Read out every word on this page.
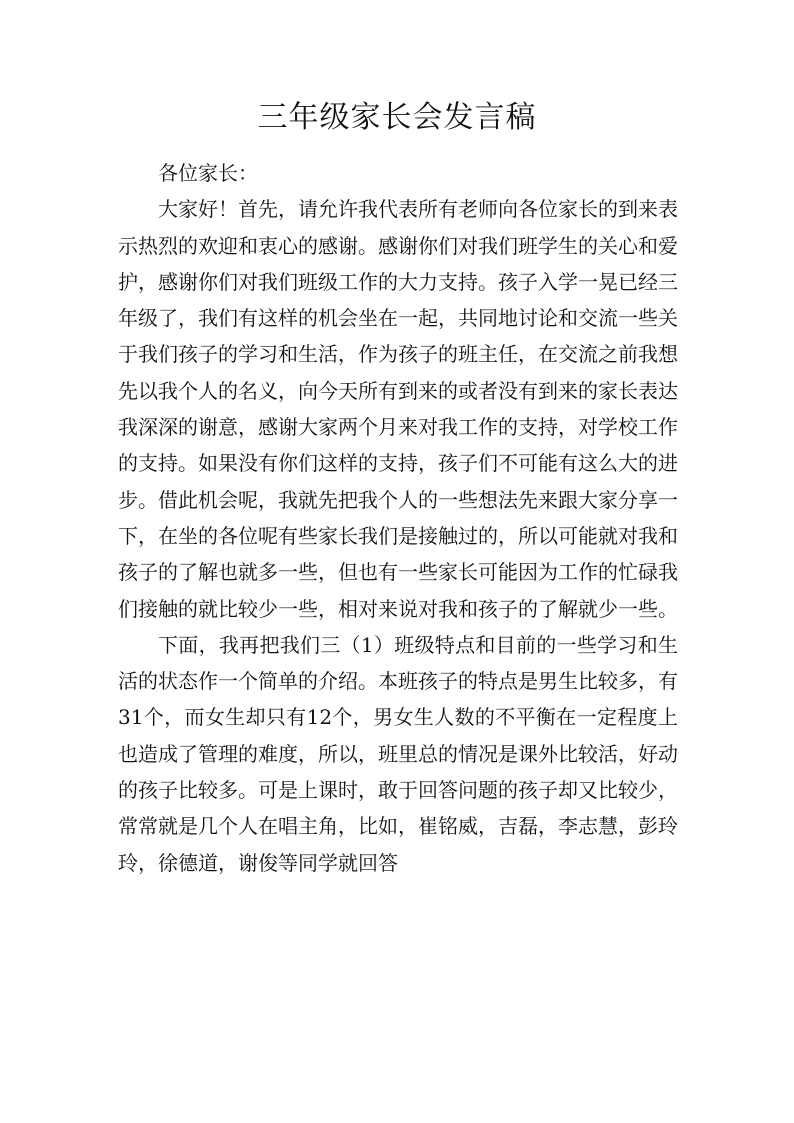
三年级家长会发言稿

各位家长：

大家好！首先，请允许我代表所有老师向各位家长的到来表示热烈的欢迎和衷心的感谢。感谢你们对我们班学生的关心和爱护，感谢你们对我们班级工作的大力支持。孩子入学一晃已经三年级了，我们有这样的机会坐在一起，共同地讨论和交流一些关于我们孩子的学习和生活，作为孩子的班主任，在交流之前我想先以我个人的名义，向今天所有到来的或者没有到来的家长表达我深深的谢意，感谢大家两个月来对我工作的支持，对学校工作的支持。如果没有你们这样的支持，孩子们不可能有这么大的进步。借此机会呢，我就先把我个人的一些想法先来跟大家分享一下，在坐的各位呢有些家长我们是接触过的，所以可能就对我和孩子的了解也就多一些，但也有一些家长可能因为工作的忙碌我们接触的就比较少一些，相对来说对我和孩子的了解就少一些。

下面，我再把我们三（1）班级特点和目前的一些学习和生活的状态作一个简单的介绍。本班孩子的特点是男生比较多，有31个，而女生却只有12个，男女生人数的不平衡在一定程度上也造成了管理的难度，所以，班里总的情况是课外比较活，好动的孩子比较多。可是上课时，敢于回答问题的孩子却又比较少，常常就是几个人在唱主角，比如，崔铭威，吉磊，李志慧，彭玲玲，徐德道，谢俊等同学就回答
